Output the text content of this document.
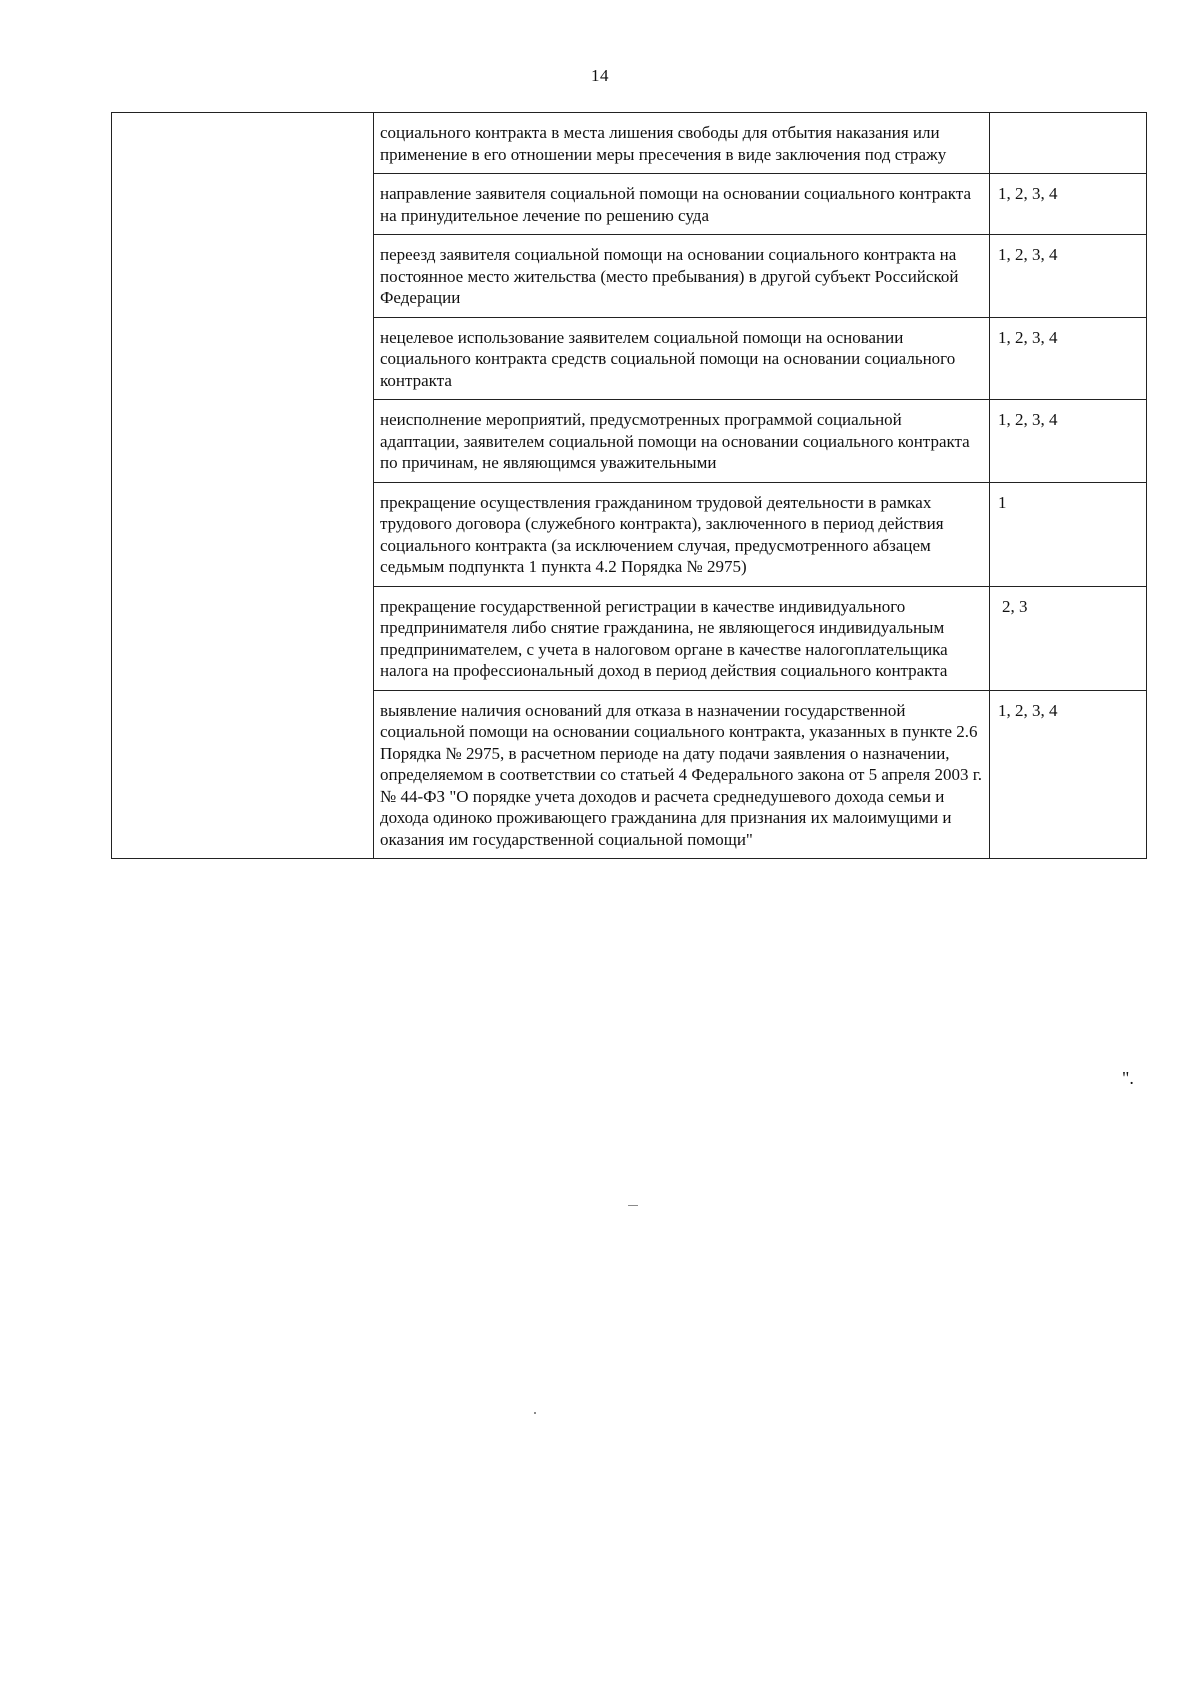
14
	социального контракта в места лишения свободы для отбытия наказания или применение в его отношении меры пресечения в виде заключения под стражу	
	направление заявителя социальной помощи на основании социального контракта на принудительное лечение по решению суда	1, 2, 3, 4
	переезд заявителя социальной помощи на основании социального контракта на постоянное место жительства (место пребывания) в другой субъект Российской Федерации	1, 2, 3, 4
	нецелевое использование заявителем социальной помощи на основании социального контракта средств социальной помощи на основании социального контракта	1, 2, 3, 4
	неисполнение мероприятий, предусмотренных программой социальной адаптации, заявителем социальной помощи на основании социального контракта по причинам, не являющимся уважительными	1, 2, 3, 4
	прекращение осуществления гражданином трудовой деятельности в рамках трудового договора (служебного контракта), заключенного в период действия социального контракта (за исключением случая, предусмотренного абзацем седьмым подпункта 1 пункта 4.2 Порядка № 2975)	1
	прекращение государственной регистрации в качестве индивидуального предпринимателя либо снятие гражданина, не являющегося индивидуальным предпринимателем, с учета в налоговом органе в качестве налогоплательщика налога на профессиональный доход в период действия социального контракта	2, 3
	выявление наличия оснований для отказа в назначении государственной социальной помощи на основании социального контракта, указанных в пункте 2.6 Порядка № 2975, в расчетном периоде на дату подачи заявления о назначении, определяемом в соответствии со статьей 4 Федерального закона от 5 апреля 2003 г. № 44-ФЗ "О порядке учета доходов и расчета среднедушевого дохода семьи и дохода одиноко проживающего гражданина для признания их малоимущими и оказания им государственной социальной помощи"	1, 2, 3, 4
".
